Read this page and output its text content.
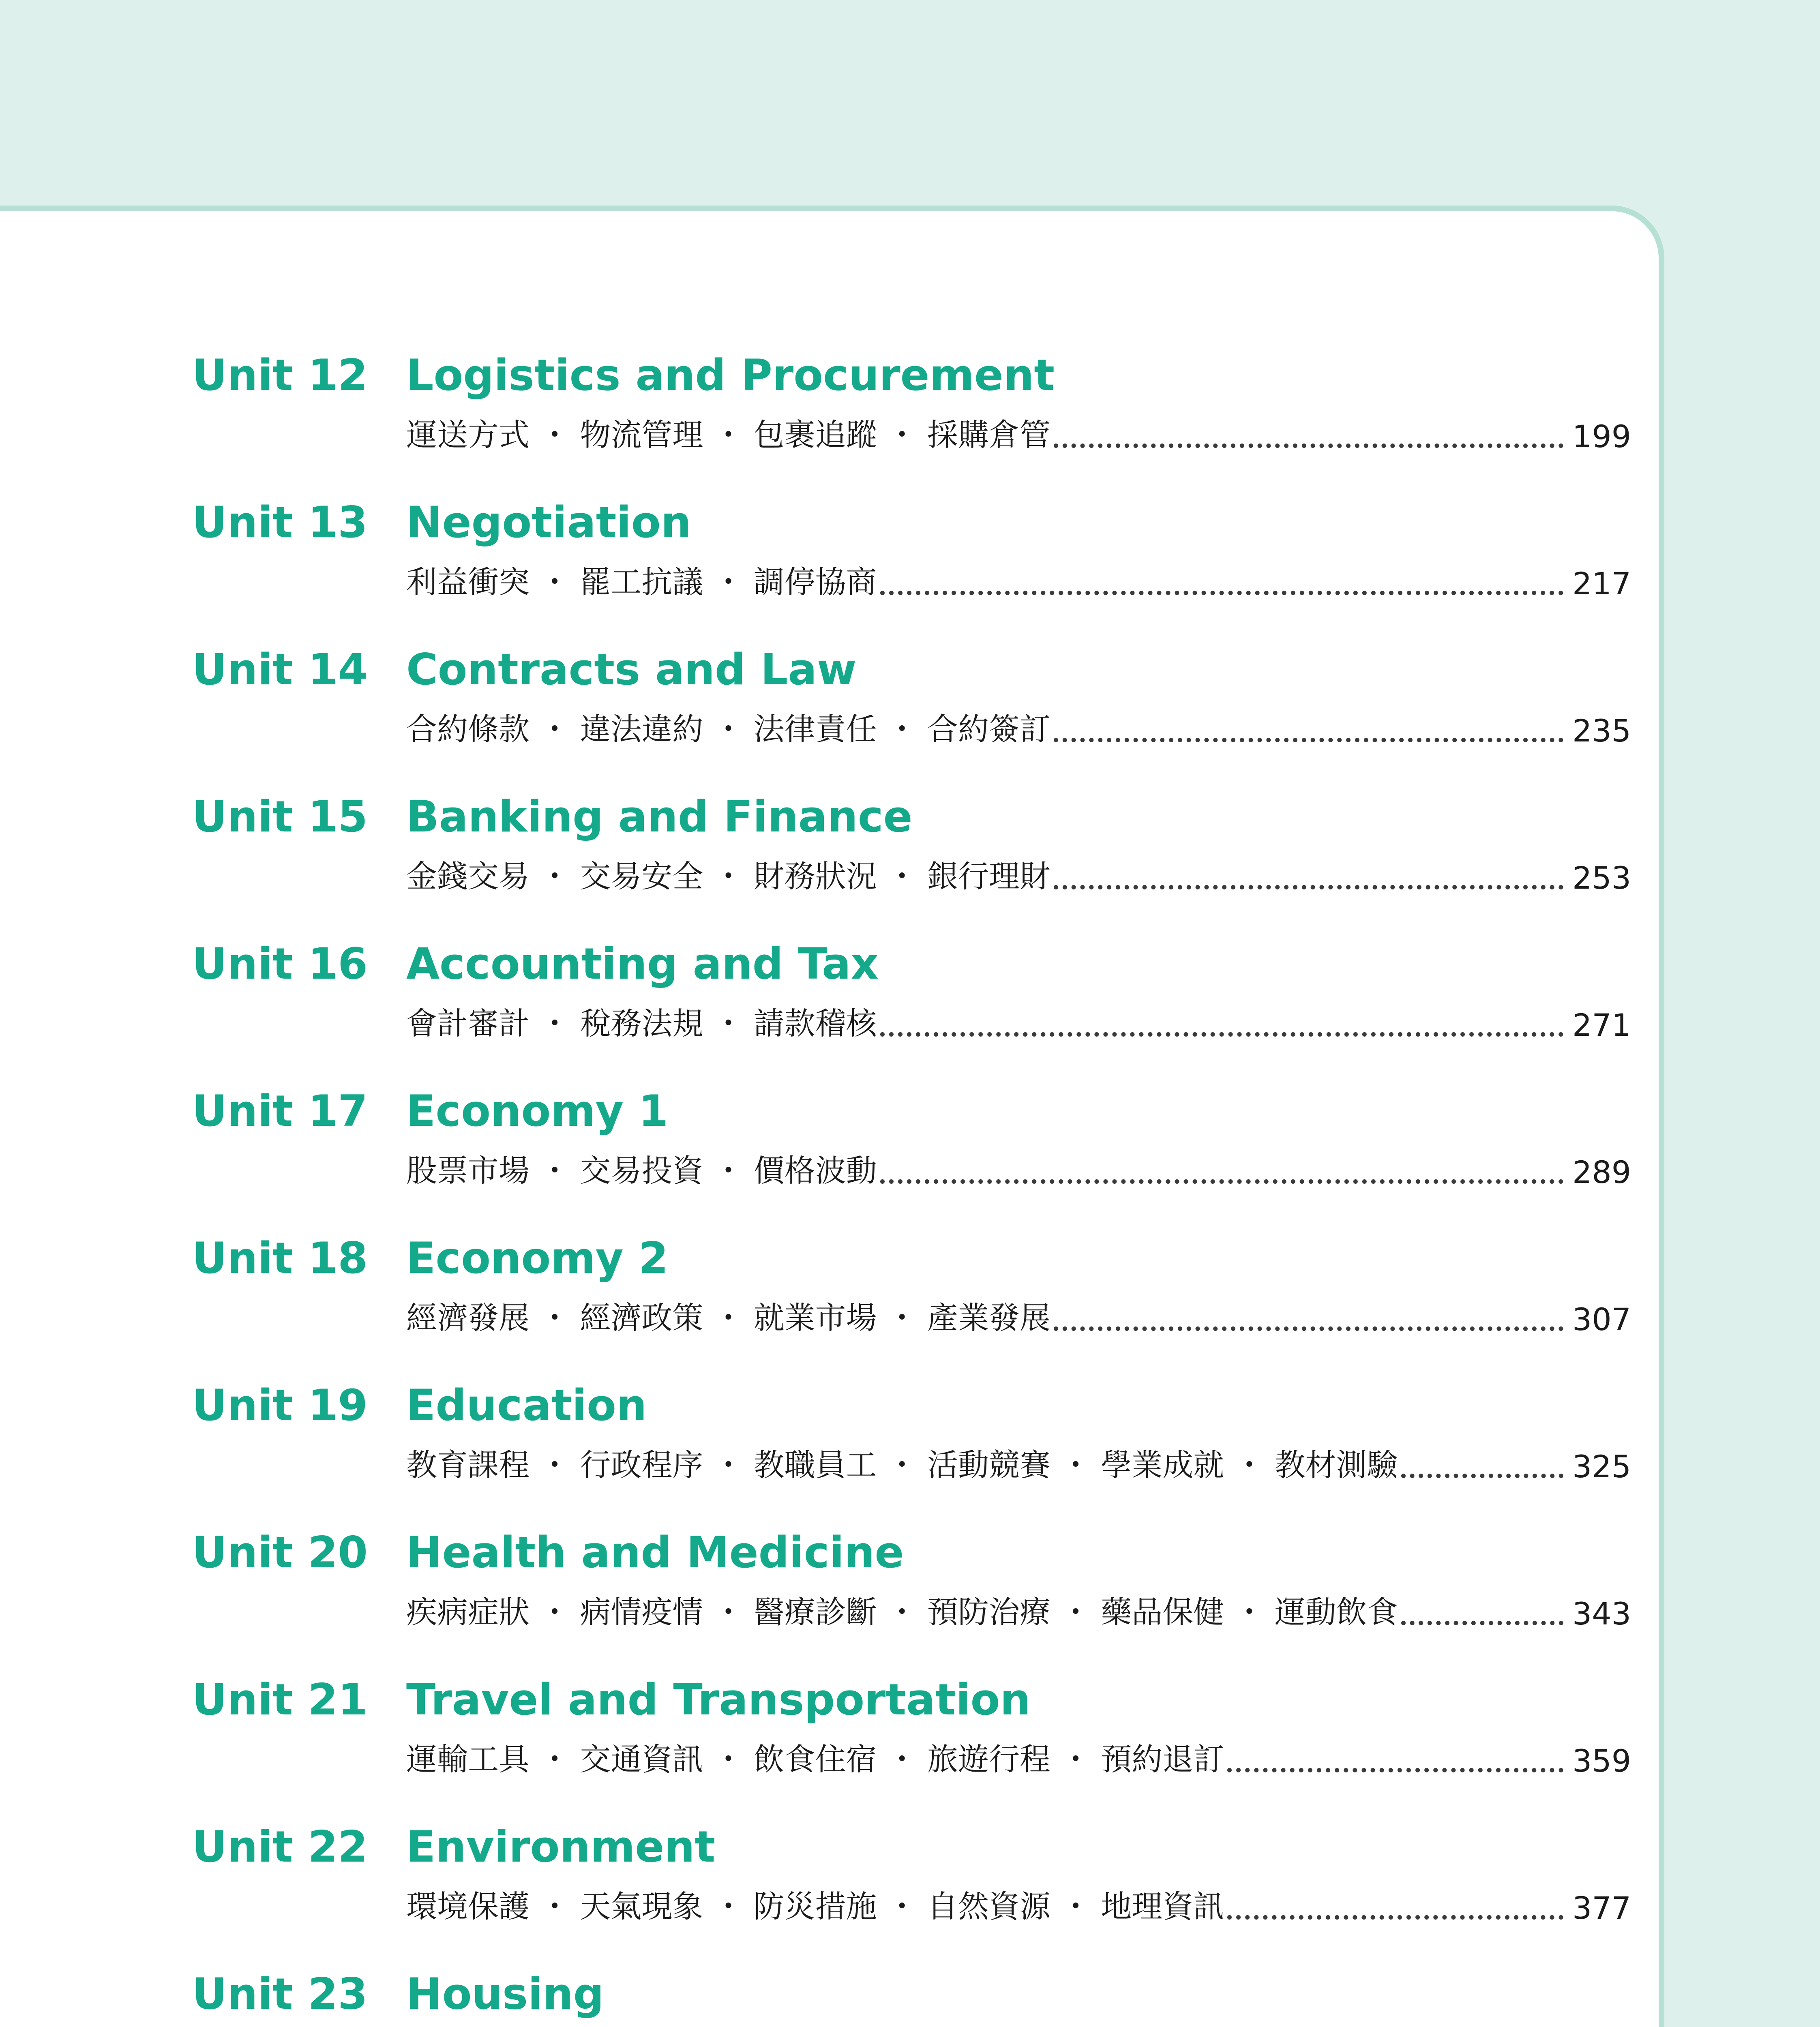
Unit 12 Logistics and Procurement
運送方式 ・ 物流管理 ・ 包裹追蹤 ・ 採購倉管	199
Unit 13 Negotiation
利益衝突 ・ 罷工抗議 ・ 調停協商	217
Unit 14 Contracts and Law
合約條款 ・ 違法違約 ・ 法律責任 ・ 合約簽訂	235
Unit 15 Banking and Finance
金錢交易 ・ 交易安全 ・ 財務狀況 ・ 銀行理財	253
Unit 16 Accounting and Tax
會計審計 ・ 稅務法規 ・ 請款稽核	271
Unit 17 Economy 1
股票市場 ・ 交易投資 ・ 價格波動	289
Unit 18 Economy 2
經濟發展 ・ 經濟政策 ・ 就業市場 ・ 產業發展	307
Unit 19 Education
教育課程 ・ 行政程序 ・ 教職員工 ・ 活動競賽 ・ 學業成就 ・ 教材測驗	325
Unit 20 Health and Medicine
疾病症狀 ・ 病情疫情 ・ 醫療診斷 ・ 預防治療 ・ 藥品保健 ・ 運動飲食	343
Unit 21 Travel and Transportation
運輸工具 ・ 交通資訊 ・ 飲食住宿 ・ 旅遊行程 ・ 預約退訂	359
Unit 22 Environment
環境保護 ・ 天氣現象 ・ 防災措施 ・ 自然資源 ・ 地理資訊	377
Unit 23 Housing
